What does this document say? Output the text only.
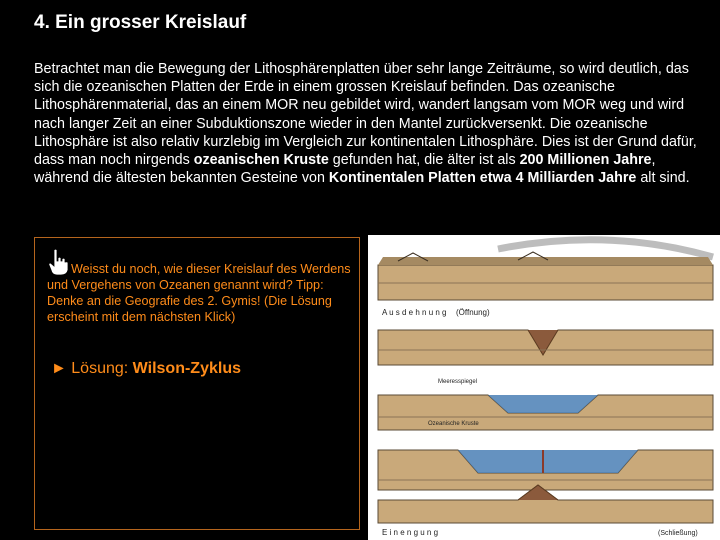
4. Ein grosser Kreislauf
Betrachtet man die Bewegung der Lithosphärenplatten über sehr lange Zeiträume, so wird deutlich, das sich die ozeanischen Platten der Erde in einem grossen Kreislauf befinden. Das ozeanische Lithosphärenmaterial, das an einem MOR neu gebildet wird, wandert langsam vom MOR weg und wird nach langer Zeit an einer Subduktionszone wieder in den Mantel zurückversenkt. Die ozeanische Lithosphäre ist also relativ kurzlebig im Vergleich zur kontinentalen Lithosphäre. Dies ist der Grund dafür, dass man noch nirgends ozeanischen Kruste gefunden hat, die älter ist als 200 Millionen Jahre, während die ältesten bekannten Gesteine von Kontinentalen Platten etwa 4 Milliarden Jahre alt sind.
Weisst du noch, wie dieser Kreislauf des Werdens und Vergehens von Ozeanen genannt wird? Tipp: Denke an die Geografie des 2. Gymis! (Die Lösung erscheint mit dem nächsten Klick)
► Lösung: Wilson-Zyklus
A u s d e h n u n g (Öffnung)
Meeresspiegel
Ozeanische Kruste
E i n e n g u n g	(Schließung)
